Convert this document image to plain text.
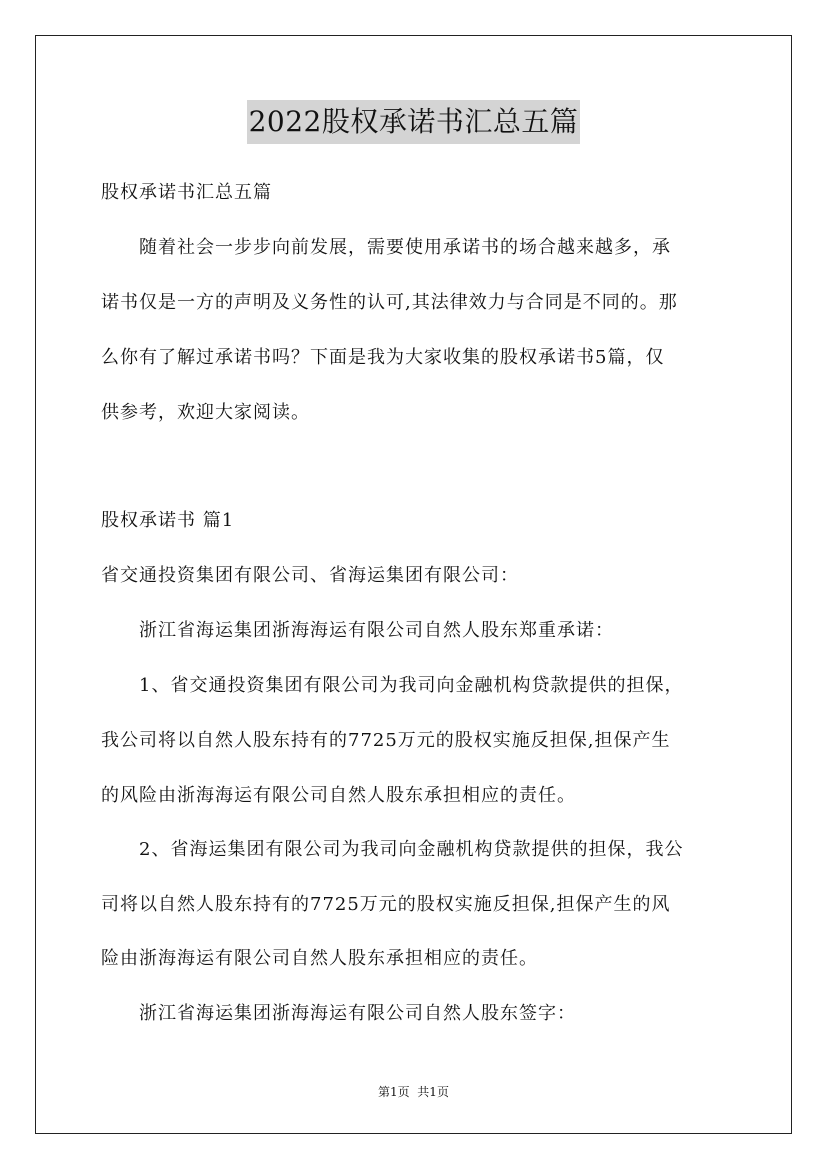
2022股权承诺书汇总五篇
股权承诺书汇总五篇
　　随着社会一步步向前发展，需要使用承诺书的场合越来越多，承
诺书仅是一方的声明及义务性的认可,其法律效力与合同是不同的。那
么你有了解过承诺书吗？下面是我为大家收集的股权承诺书5篇，仅
供参考，欢迎大家阅读。
股权承诺书 篇1
省交通投资集团有限公司、省海运集团有限公司：
　　浙江省海运集团浙海海运有限公司自然人股东郑重承诺：
　　1、省交通投资集团有限公司为我司向金融机构贷款提供的担保，
我公司将以自然人股东持有的7725万元的股权实施反担保,担保产生
的风险由浙海海运有限公司自然人股东承担相应的责任。
　　2、省海运集团有限公司为我司向金融机构贷款提供的担保，我公
司将以自然人股东持有的7725万元的股权实施反担保,担保产生的风
险由浙海海运有限公司自然人股东承担相应的责任。
　　浙江省海运集团浙海海运有限公司自然人股东签字：
第1页  共1页
